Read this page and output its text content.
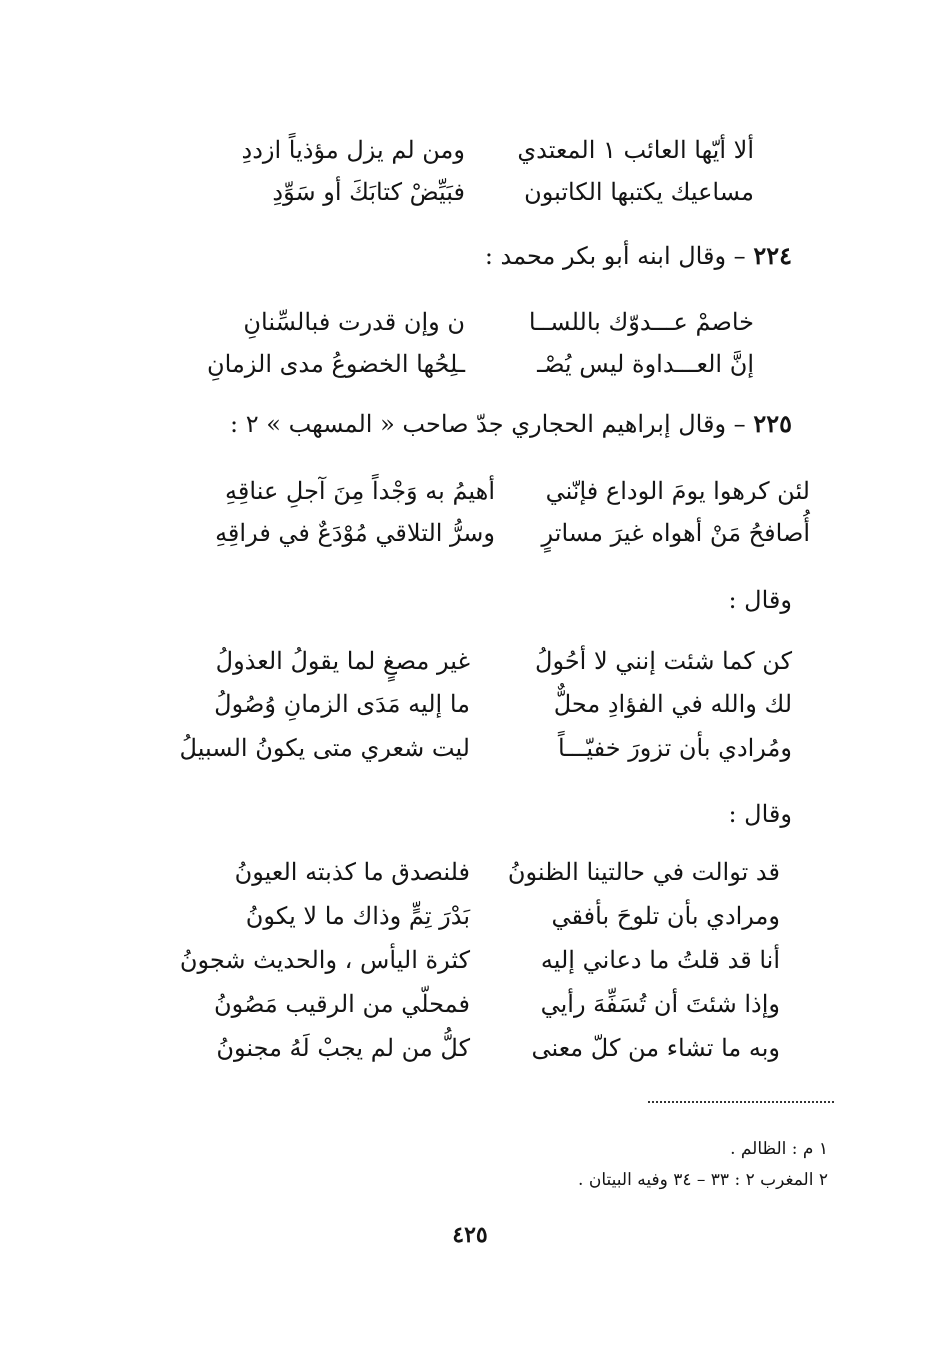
ألا أيّها العائب ١ المعتدي
ومن لم يزل مؤذياً ازددِ
مساعيك يكتبها الكاتبون
فبَيِّضْ كتابَكَ أو سَوِّدِ
٢٢٤ – وقال ابنه أبو بكر محمد :
خاصمْ عـــدوّك باللســا
ن وإن قدرت فبالسِّنانِ
إنَّ العـــداوة ليس يُصْـ
ـلِحُها الخضوعُ مدى الزمانِ
٢٢٥ – وقال إبراهيم الحجاري جدّ صاحب « المسهب » ٢ :
لئن كرهوا يومَ الوداع فإنّني
أهيمُ به وَجْداً مِنَ آجلِ عناقِهِ
أُصافحُ مَنْ أهواه غيرَ مساترٍ
وسرُّ التلاقي مُوْدَعٌ في فراقِهِ
وقال :
كن كما شئت إنني لا أحُولُ
غير مصغٍ لما يقولُ العذولُ
لك والله في الفؤادِ محلٌّ
ما إليه مَدَى الزمانِ وُصُولُ
ومُرادي بأن تزورَ خفيّـــاً
ليت شعري متى يكونُ السبيلُ
وقال :
قد توالت في حالتينا الظنونُ
فلنصدق ما كذبته العيونُ
ومرادي بأن تلوحَ بأفقي
بَدْرَ تِمٍّ وذاك ما لا يكونُ
أنا قد قلتُ ما دعاني إليه
كثرة اليأس ، والحديث شجونُ
وإذا شئتَ أن تُسَفِّهَ رأيي
فمحلّي من الرقيب مَصُونُ
وبه ما تشاء من كلّ معنى
كلُّ من لم يجبْ لَهُ مجنونُ
١ م : الظالم .
٢ المغرب ٢ : ٣٣ – ٣٤ وفيه البيتان .
٤٢٥
